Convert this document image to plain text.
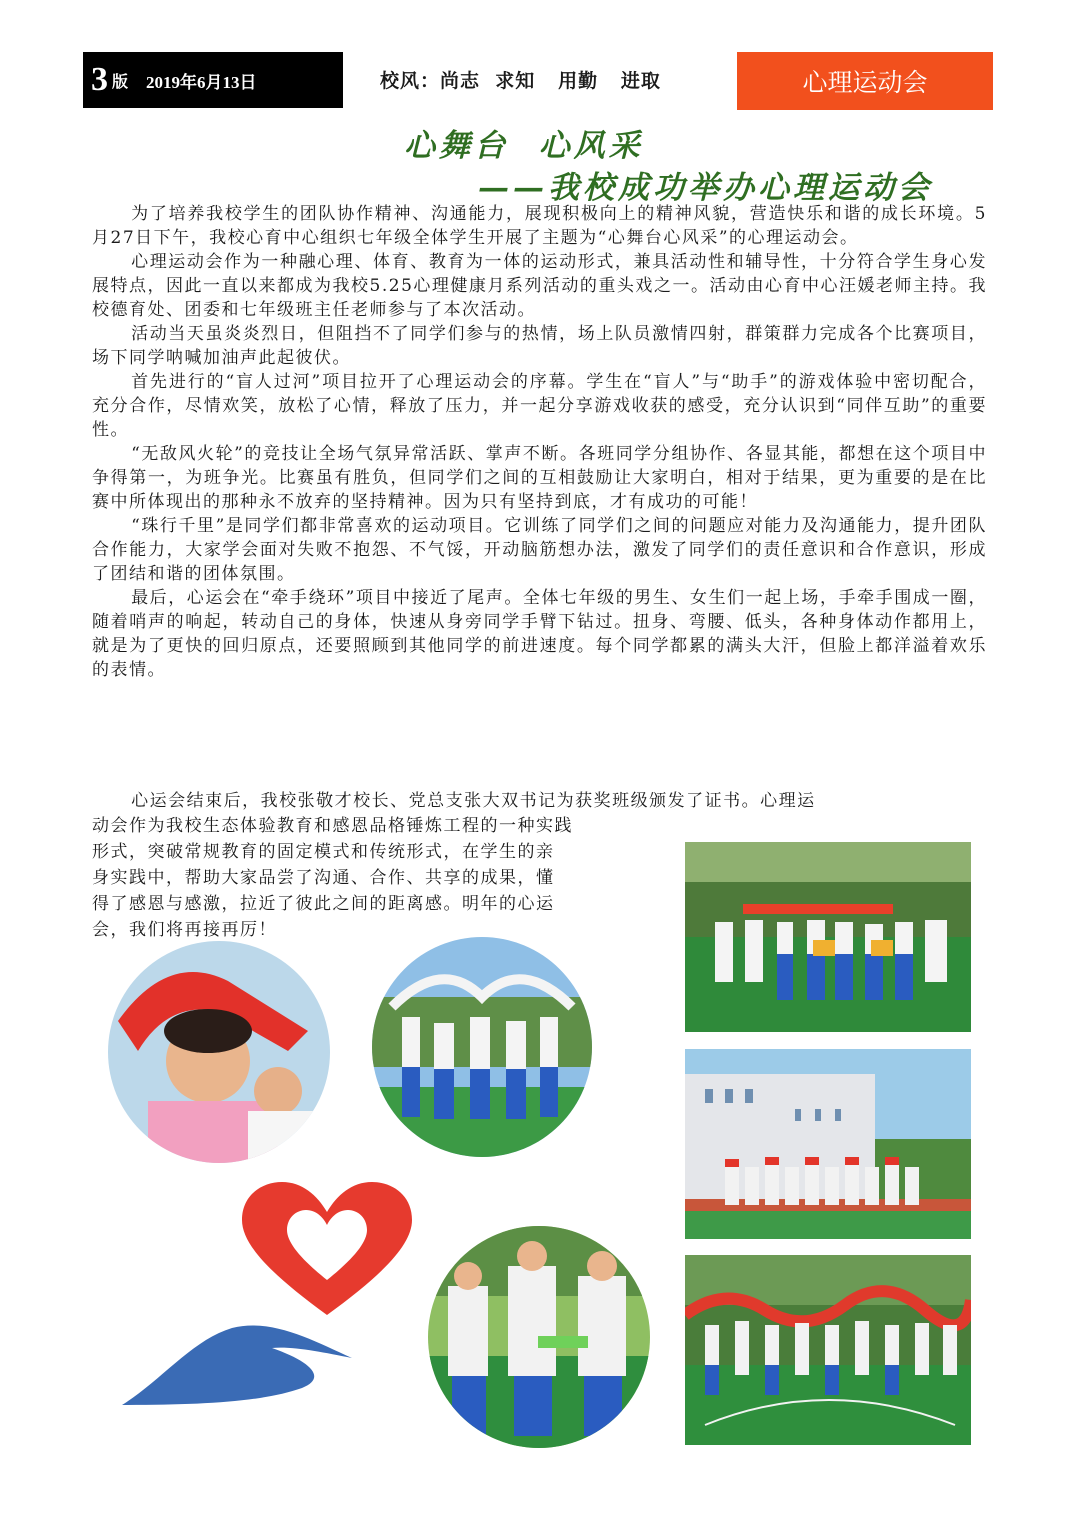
3 版 2019年6月13日	校风：尚志  求知   用勤   进取	心理运动会
心舞台  心风采
——我校成功举办心理运动会

为了培养我校学生的团队协作精神、沟通能力，展现积极向上的精神风貌，营造快乐和谐的成长环境。5月27日下午，我校心育中心组织七年级全体学生开展了主题为“心舞台心风采”的心理运动会。

心理运动会作为一种融心理、体育、教育为一体的运动形式，兼具活动性和辅导性，十分符合学生身心发展特点，因此一直以来都成为我校5.25心理健康月系列活动的重头戏之一。活动由心育中心汪媛老师主持。我校德育处、团委和七年级班主任老师参与了本次活动。

活动当天虽炎炎烈日，但阻挡不了同学们参与的热情，场上队员激情四射，群策群力完成各个比赛项目，场下同学呐喊加油声此起彼伏。

首先进行的“盲人过河”项目拉开了心理运动会的序幕。学生在“盲人”与“助手”的游戏体验中密切配合，充分合作，尽情欢笑，放松了心情，释放了压力，并一起分享游戏收获的感受，充分认识到“同伴互助”的重要性。

“无敌风火轮”的竞技让全场气氛异常活跃、掌声不断。各班同学分组协作、各显其能，都想在这个项目中争得第一，为班争光。比赛虽有胜负，但同学们之间的互相鼓励让大家明白，相对于结果，更为重要的是在比赛中所体现出的那种永不放弃的坚持精神。因为只有坚持到底，才有成功的可能！

“珠行千里”是同学们都非常喜欢的运动项目。它训练了同学们之间的问题应对能力及沟通能力，提升团队合作能力，大家学会面对失败不抱怨、不气馁，开动脑筋想办法，激发了同学们的责任意识和合作意识，形成了团结和谐的团体氛围。

最后，心运会在“牵手绕环”项目中接近了尾声。全体七年级的男生、女生们一起上场，手牵手围成一圈，随着哨声的响起，转动自己的身体，快速从身旁同学手臂下钻过。扭身、弯腰、低头，各种身体动作都用上，就是为了更快的回归原点，还要照顾到其他同学的前进速度。每个同学都累的满头大汗，但脸上都洋溢着欢乐的表情。

心运会结束后，我校张敬才校长、党总支张大双书记为获奖班级颁发了证书。心理运

动会作为我校生态体验教育和感恩品格锤炼工程的一种实践

形式，突破常规教育的固定模式和传统形式，在学生的亲

身实践中，帮助大家品尝了沟通、合作、共享的成果，懂

得了感恩与感激，拉近了彼此之间的距离感。明年的心运

会，我们将再接再厉！
